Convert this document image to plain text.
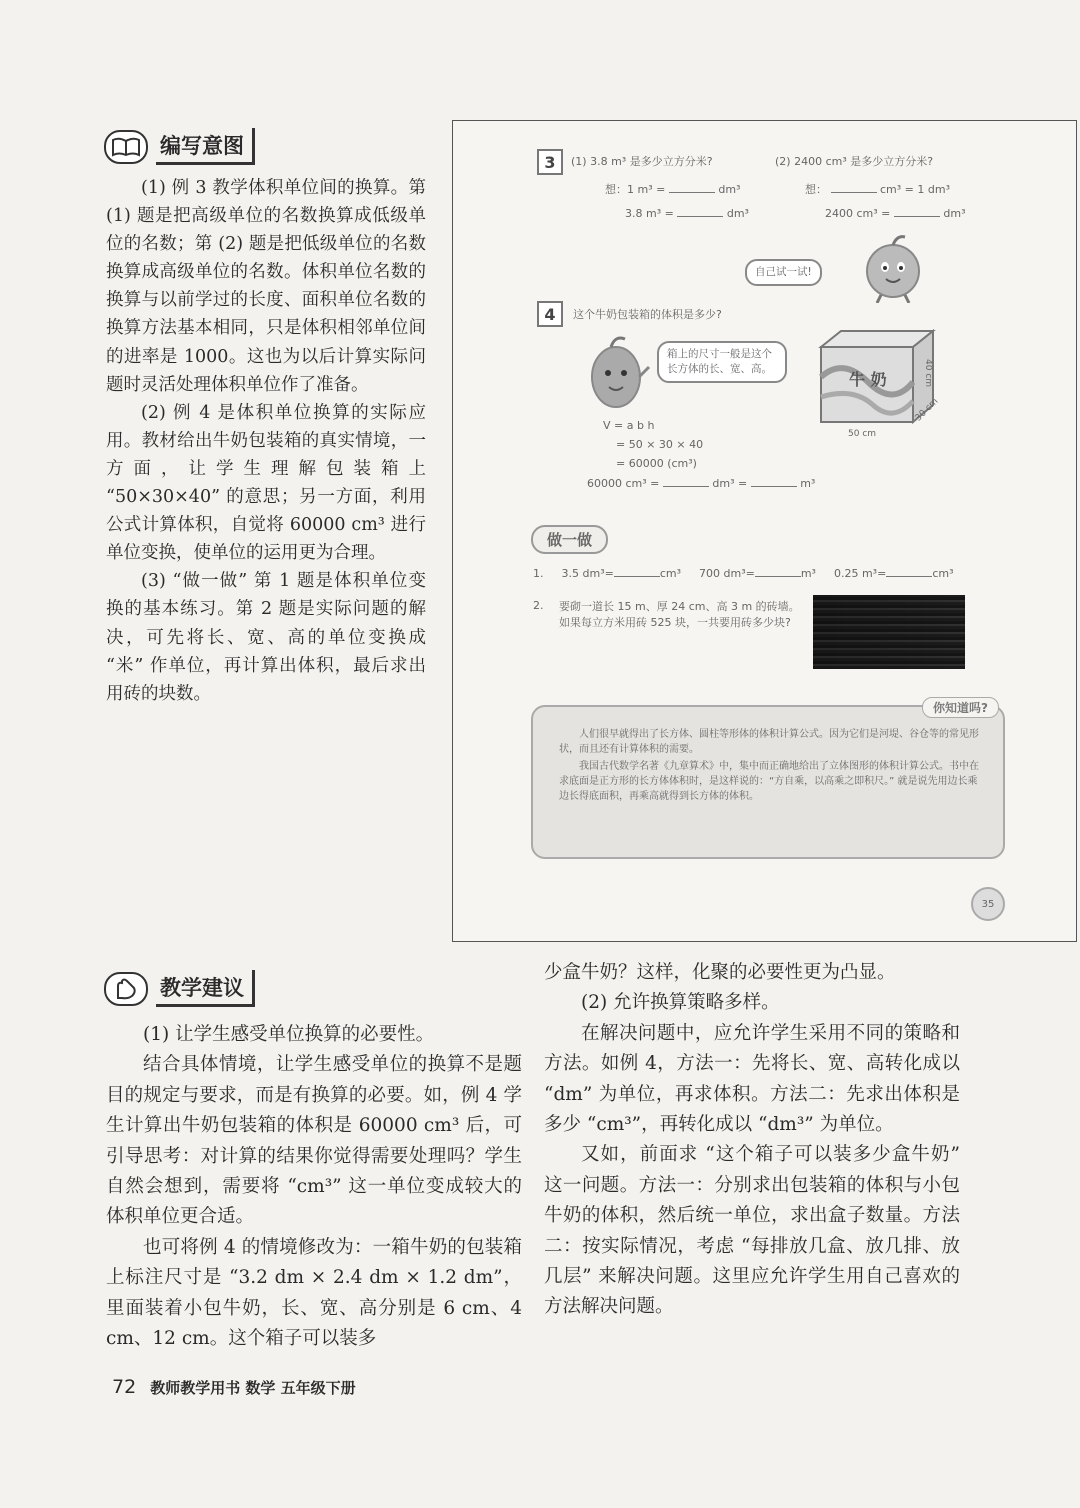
编写意图

(1) 例 3 教学体积单位间的换算。第 (1) 题是把高级单位的名数换算成低级单位的名数；第 (2) 题是把低级单位的名数换算成高级单位的名数。体积单位名数的换算与以前学过的长度、面积单位名数的换算方法基本相同，只是体积相邻单位间的进率是 1000。这也为以后计算实际问题时灵活处理体积单位作了准备。

(2) 例 4 是体积单位换算的实际应用。教材给出牛奶包装箱的真实情境，一方面，让学生理解包装箱上 “50×30×40” 的意思；另一方面，利用公式计算体积，自觉将 60000 cm³ 进行单位变换，使单位的运用更为合理。

(3) “做一做” 第 1 题是体积单位变换的基本练习。第 2 题是实际问题的解决，可先将长、宽、高的单位变换成 “米” 作单位，再计算出体积，最后求出用砖的块数。

3	(1) 3.8 m³ 是多少立方分米?	(2) 2400 cm³ 是多少立方分米?
想：1 m³ =	dm³
3.8 m³ =	dm³
想：	cm³ = 1 dm³
2400 cm³ =	dm³
自己试一试!
4	这个牛奶包装箱的体积是多少?
箱上的尺寸一般是这个长方体的长、宽、高。
牛 奶	40 cm
30 cm
50 cm
V = a b h
= 50 × 30 × 40
= 60000 (cm³)
60000 cm³ =	dm³ =	m³
做一做
1. 3.5 dm³=	cm³ 700 dm³=	m³ 0.25 m³=	cm³
2. 要砌一道长 15 m、厚 24 cm、高 3 m 的砖墙。如果每立方米用砖 525 块，一共要用砖多少块?
你知道吗?
人们很早就得出了长方体、圆柱等形体的体积计算公式。因为它们是河堤、谷仓等的常见形状，而且还有计算体积的需要。
我国古代数学名著《九章算术》中，集中而正确地给出了立体图形的体积计算公式。书中在求底面是正方形的长方体体积时，是这样说的：“方自乘，以高乘之即积尺。” 就是说先用边长乘边长得底面积，再乘高就得到长方体的体积。
35
教学建议

(1) 让学生感受单位换算的必要性。

结合具体情境，让学生感受单位的换算不是题目的规定与要求，而是有换算的必要。如，例 4 学生计算出牛奶包装箱的体积是 60000 cm³ 后，可引导思考：对计算的结果你觉得需要处理吗？学生自然会想到，需要将 “cm³” 这一单位变成较大的体积单位更合适。

也可将例 4 的情境修改为：一箱牛奶的包装箱上标注尺寸是 “3.2 dm × 2.4 dm × 1.2 dm”，里面装着小包牛奶，长、宽、高分别是 6 cm、4 cm、12 cm。这个箱子可以装多

少盒牛奶？这样，化聚的必要性更为凸显。

(2) 允许换算策略多样。

在解决问题中，应允许学生采用不同的策略和方法。如例 4，方法一：先将长、宽、高转化成以 “dm” 为单位，再求体积。方法二：先求出体积是多少 “cm³”，再转化成以 “dm³” 为单位。

又如，前面求 “这个箱子可以装多少盒牛奶” 这一问题。方法一：分别求出包装箱的体积与小包牛奶的体积，然后统一单位，求出盒子数量。方法二：按实际情况，考虑 “每排放几盒、放几排、放几层” 来解决问题。这里应允许学生用自己喜欢的方法解决问题。

72 教师教学用书 数学 五年级下册
